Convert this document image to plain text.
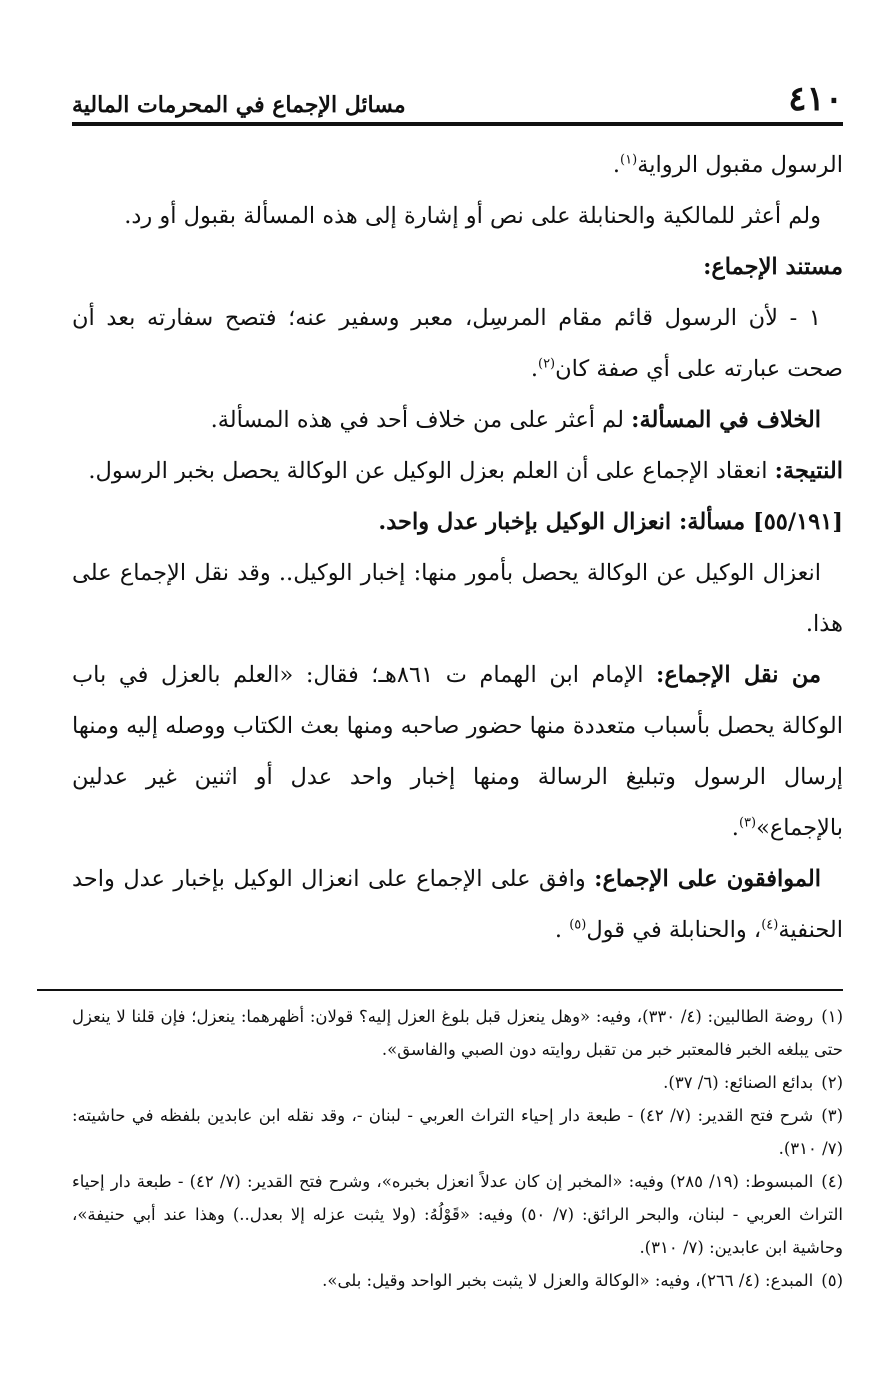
٤١٠
مسائل الإجماع في المحرمات المالية

الرسول مقبول الرواية$^{(١)}$.

ولم أعثر للمالكية والحنابلة على نص أو إشارة إلى هذه المسألة بقبول أو رد.

مستند الإجماع:

١ - لأن الرسول قائم مقام المرسِل، معبر وسفير عنه؛ فتصح سفارته بعد أن صحت عبارته على أي صفة كان$^{(٢)}$.

الخلاف في المسألة: لم أعثر على من خلاف أحد في هذه المسألة.

النتيجة: انعقاد الإجماع على أن العلم بعزل الوكيل عن الوكالة يحصل بخبر الرسول.

[٥٥/١٩١] مسألة: انعزال الوكيل بإخبار عدل واحد.

انعزال الوكيل عن الوكالة يحصل بأمور منها: إخبار الوكيل.. وقد نقل الإجماع على هذا.

من نقل الإجماع: الإمام ابن الهمام ت ٨٦١هـ؛ فقال: «العلم بالعزل في باب الوكالة يحصل بأسباب متعددة منها حضور صاحبه ومنها بعث الكتاب ووصله إليه ومنها إرسال الرسول وتبليغ الرسالة ومنها إخبار واحد عدل أو اثنين غير عدلين بالإجماع»$^{(٣)}$.

الموافقون على الإجماع: وافق على الإجماع على انعزال الوكيل بإخبار عدل واحد الحنفية$^{(٤)}$، والحنابلة في قول$^{(٥)}$ .

(١)روضة الطالبين: (٤/ ٣٣٠)، وفيه: «وهل ينعزل قبل بلوغ العزل إليه؟ قولان: أظهرهما: ينعزل؛ فإن قلنا لا ينعزل حتى يبلغه الخبر فالمعتبر خبر من تقبل روايته دون الصبي والفاسق».

(٢)بدائع الصنائع: (٦/ ٣٧).

(٣)شرح فتح القدير: (٧/ ٤٢) - طبعة دار إحياء التراث العربي - لبنان -، وقد نقله ابن عابدين بلفظه في حاشيته: (٧/ ٣١٠).

(٤)المبسوط: (١٩/ ٢٨٥) وفيه: «المخبر إن كان عدلاً انعزل بخبره»، وشرح فتح القدير: (٧/ ٤٢) - طبعة دار إحياء التراث العربي - لبنان، والبحر الرائق: (٧/ ٥٠) وفيه: «قَوْلُهُ: (ولا يثبت عزله إلا بعدل..) وهذا عند أبي حنيفة»، وحاشية ابن عابدين: (٧/ ٣١٠).

(٥)المبدع: (٤/ ٢٦٦)، وفيه: «الوكالة والعزل لا يثبت بخبر الواحد وقيل: بلى».
